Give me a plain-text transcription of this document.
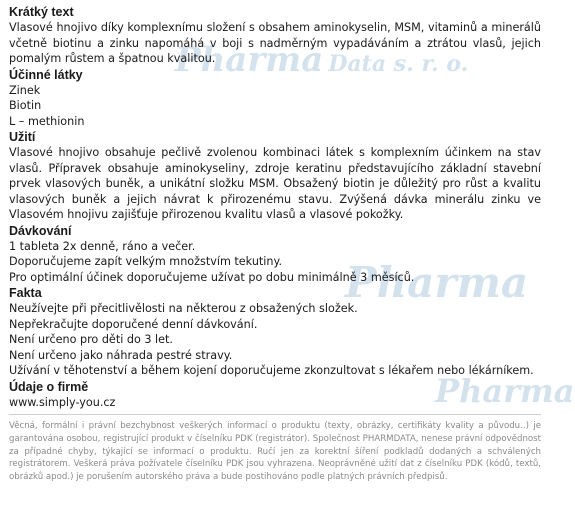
Pharma Data s. r. o.
Pharma
Pharma
Krátký text

Vlasové hnojivo díky komplexnímu složení s obsahem aminokyselin, MSM, vitaminů a minerálů včetně biotinu a zinku napomáhá v boji s nadměrným vypadáváním a ztrátou vlasů, jejich pomalým růstem a špatnou kvalitou.

Účinné látky

Zinek

Biotin

L – methionin

Užití

Vlasové hnojivo obsahuje pečlivě zvolenou kombinaci látek s komplexním účinkem na stav vlasů. Přípravek obsahuje aminokyseliny, zdroje keratinu představujícího základní stavební prvek vlasových buněk, a unikátní složku MSM. Obsažený biotin je důležitý pro růst a kvalitu vlasových buněk a jejich návrat k přirozenému stavu. Zvýšená dávka minerálu zinku ve Vlasovém hnojivu zajišťuje přirozenou kvalitu vlasů a vlasové pokožky.

Dávkování

1 tableta 2x denně, ráno a večer.

Doporučujeme zapít velkým množstvím tekutiny.

Pro optimální účinek doporučujeme užívat po dobu minimálně 3 měsíců.

Fakta

Neužívejte při přecitlivělosti na některou z obsažených složek.

Nepřekračujte doporučené denní dávkování.

Není určeno pro děti do 3 let.

Není určeno jako náhrada pestré stravy.

Užívání v těhotenství a během kojení doporučujeme zkonzultovat s lékařem nebo lékárníkem.

Údaje o firmě

www.simply-you.cz

Věcná, formální i právní bezchybnost veškerých informací o produktu (texty, obrázky, certifikáty kvality a původu..) je garantována osobou, registrující produkt v číselníku PDK (registrátor). Společnost PHARMDATA, nenese právní odpovědnost za případné chyby, týkající se informací o produktu. Ručí jen za korektní šíření podkladů dodaných a schválených registrátorem. Veškerá práva požívatele číselníku PDK jsou vyhrazena. Neoprávněné užití dat z číselníku PDK (kódů, textů, obrázků apod.) je porušením autorského práva a bude postihováno podle platných právních předpisů.
